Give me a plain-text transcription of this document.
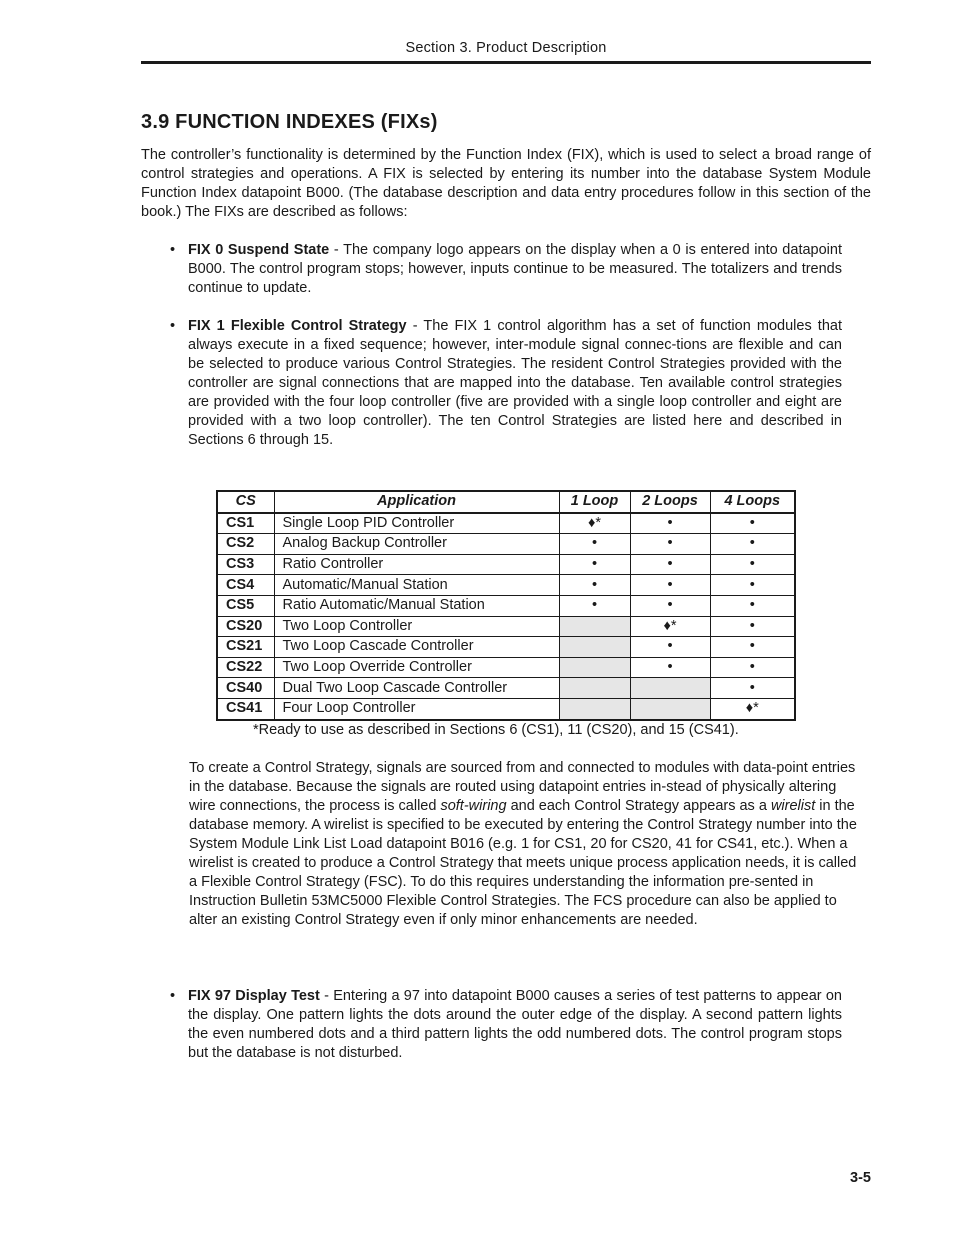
Section 3. Product Description
3.9 FUNCTION INDEXES (FIXs)

The controller’s functionality is determined by the Function Index (FIX), which is used to select a broad range of control strategies and operations. A FIX is selected by entering its number into the database System Module Function Index datapoint B000. (The database description and data entry procedures follow in this section of the book.) The FIXs are described as follows:

• FIX 0 Suspend State - The company logo appears on the display when a 0 is entered into datapoint B000. The control program stops; however, inputs continue to be measured. The totalizers and trends continue to update.

• FIX 1 Flexible Control Strategy - The FIX 1 control algorithm has a set of function modules that always execute in a fixed sequence; however, inter-module signal connec-tions are flexible and can be selected to produce various Control Strategies. The resident Control Strategies provided with the controller are signal connections that are mapped into the database. Ten available control strategies are provided with the four loop controller (five are provided with a single loop controller and eight are provided with a two loop controller). The ten Control Strategies are listed here and described in Sections 6 through 15.

CS	Application	1 Loop	2 Loops	4 Loops
CS1	Single Loop PID Controller	♦*	•	•
CS2	Analog Backup Controller	•	•	•
CS3	Ratio Controller	•	•	•
CS4	Automatic/Manual Station	•	•	•
CS5	Ratio Automatic/Manual Station	•	•	•
CS20	Two Loop Controller		♦*	•
CS21	Two Loop Cascade Controller		•	•
CS22	Two Loop Override Controller		•	•
CS40	Dual Two Loop Cascade Controller			•
CS41	Four Loop Controller			♦*
*Ready to use as described in Sections 6 (CS1), 11 (CS20), and 15 (CS41).

To create a Control Strategy, signals are sourced from and connected to modules with data-point entries in the database. Because the signals are routed using datapoint entries in-stead of physically altering wire connections, the process is called soft-wiring and each Control Strategy appears as a wirelist in the database memory. A wirelist is specified to be executed by entering the Control Strategy number into the System Module Link List Load datapoint B016 (e.g. 1 for CS1, 20 for CS20, 41 for CS41, etc.). When a wirelist is created to produce a Control Strategy that meets unique process application needs, it is called a Flexible Control Strategy (FSC). To do this requires understanding the information pre-sented in Instruction Bulletin 53MC5000 Flexible Control Strategies. The FCS procedure can also be applied to alter an existing Control Strategy even if only minor enhancements are needed.

• FIX 97 Display Test - Entering a 97 into datapoint B000 causes a series of test patterns to appear on the display. One pattern lights the dots around the outer edge of the display. A second pattern lights the even numbered dots and a third pattern lights the odd numbered dots. The control program stops but the database is not disturbed.

3-5
